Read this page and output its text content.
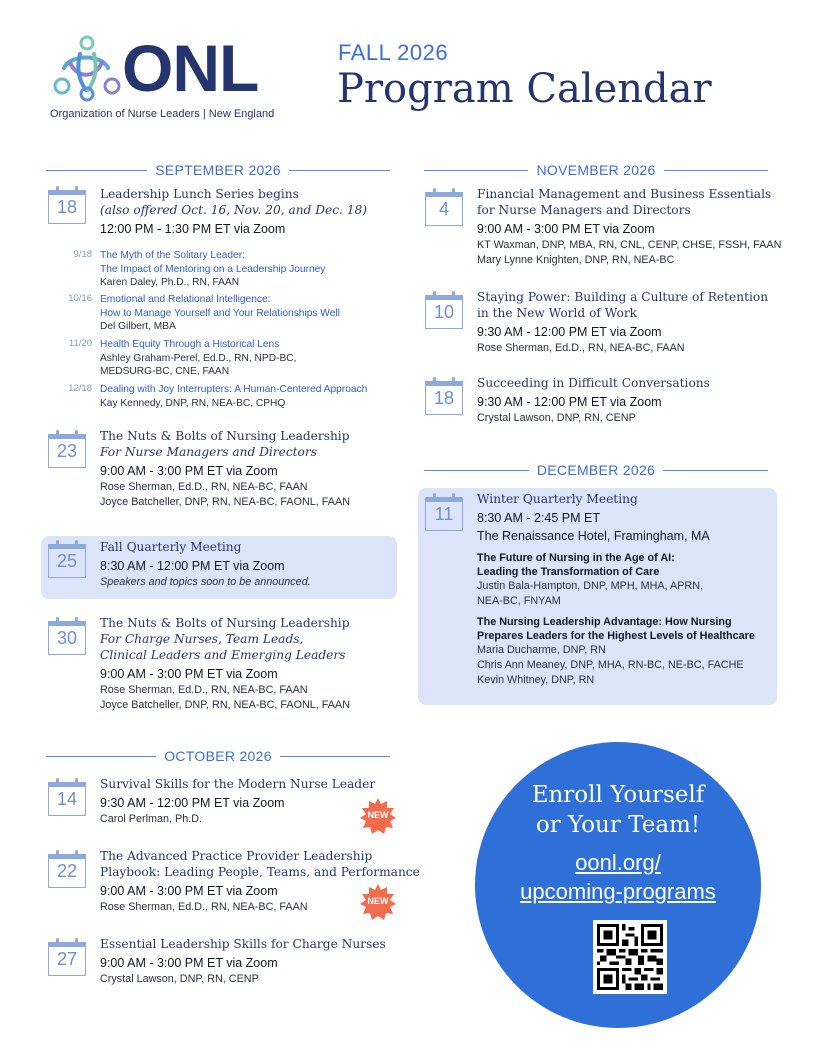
ONL
Organization of Nurse Leaders | New England
FALL 2026
Program Calendar
SEPTEMBER 2026
OCTOBER 2026
NOVEMBER 2026
DECEMBER 2026
18
Leadership Lunch Series begins
(also offered Oct. 16, Nov. 20, and Dec. 18)
12:00 PM - 1:30 PM ET via Zoom
9/18 The Myth of the Solitary Leader:
The Impact of Mentoring on a Leadership Journey
Karen Daley, Ph.D., RN, FAAN
10/16 Emotional and Relational Intelligence:
How to Manage Yourself and Your Relationships Well
Del Gilbert, MBA
11/20 Health Equity Through a Historical Lens
Ashley Graham-Perel, Ed.D., RN, NPD-BC,
MEDSURG-BC, CNE, FAAN
12/18 Dealing with Joy Interrupters: A Human-Centered Approach
Kay Kennedy, DNP, RN, NEA-BC, CPHQ
23
The Nuts & Bolts of Nursing Leadership
For Nurse Managers and Directors
9:00 AM - 3:00 PM ET via Zoom
Rose Sherman, Ed.D., RN, NEA-BC, FAAN
Joyce Batcheller, DNP, RN, NEA-BC, FAONL, FAAN
25
Fall Quarterly Meeting
8:30 AM - 12:00 PM ET via Zoom
Speakers and topics soon to be announced.
30
The Nuts & Bolts of Nursing Leadership
For Charge Nurses, Team Leads,
Clinical Leaders and Emerging Leaders
9:00 AM - 3:00 PM ET via Zoom
Rose Sherman, Ed.D., RN, NEA-BC, FAAN
Joyce Batcheller, DNP, RN, NEA-BC, FAONL, FAAN
14
Survival Skills for the Modern Nurse Leader
9:30 AM - 12:00 PM ET via Zoom
Carol Perlman, Ph.D.	NEW
22
The Advanced Practice Provider Leadership
Playbook: Leading People, Teams, and Performance
9:00 AM - 3:00 PM ET via Zoom
Rose Sherman, Ed.D., RN, NEA-BC, FAAN	NEW
27
Essential Leadership Skills for Charge Nurses
9:00 AM - 3:00 PM ET via Zoom
Crystal Lawson, DNP, RN, CENP
4
Financial Management and Business Essentials
for Nurse Managers and Directors
9:00 AM - 3:00 PM ET via Zoom
KT Waxman, DNP, MBA, RN, CNL, CENP, CHSE, FSSH, FAAN
Mary Lynne Knighten, DNP, RN, NEA-BC
10
Staying Power: Building a Culture of Retention
in the New World of Work
9:30 AM - 12:00 PM ET via Zoom
Rose Sherman, Ed.D., RN, NEA-BC, FAAN
18
Succeeding in Difficult Conversations
9:30 AM - 12:00 PM ET via Zoom
Crystal Lawson, DNP, RN, CENP
11
Winter Quarterly Meeting
8:30 AM - 2:45 PM ET
The Renaissance Hotel, Framingham, MA
The Future of Nursing in the Age of AI:
Leading the Transformation of Care
Justin Bala-Hampton, DNP, MPH, MHA, APRN,
NEA-BC, FNYAM
The Nursing Leadership Advantage: How Nursing
Prepares Leaders for the Highest Levels of Healthcare
Maria Ducharme, DNP, RN
Chris Ann Meaney, DNP, MHA, RN-BC, NE-BC, FACHE
Kevin Whitney, DNP, RN
Enroll Yourself
or Your Team!
oonl.org/
upcoming-programs
